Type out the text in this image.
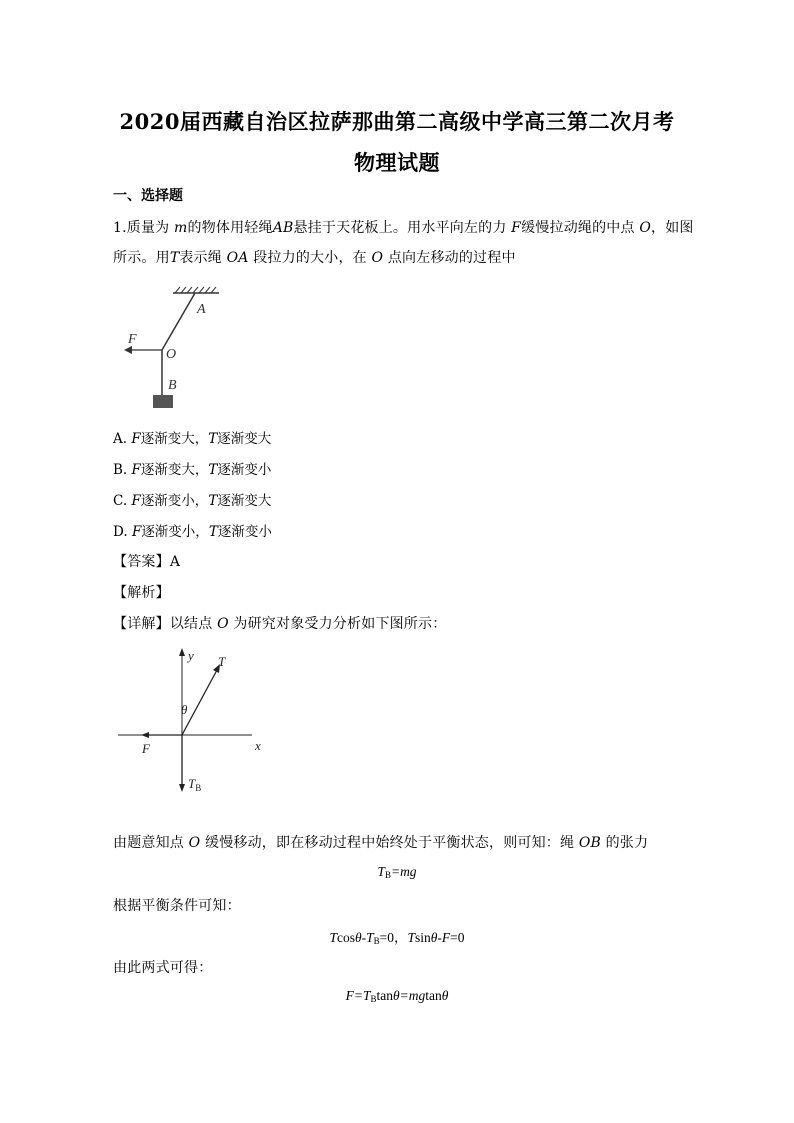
2020届西藏自治区拉萨那曲第二高级中学高三第二次月考
物理试题
一、选择题
1.质量为 m的物体用轻绳AB悬挂于天花板上。用水平向左的力 F缓慢拉动绳的中点 O，如图
所示。用T表示绳 OA 段拉力的大小，在 O 点向左移动的过程中
A
F
O
B
A. F逐渐变大，T逐渐变大
B. F逐渐变大，T逐渐变小
C. F逐渐变小，T逐渐变大
D. F逐渐变小，T逐渐变小
【答案】A
【解析】
【详解】以结点 O 为研究对象受力分析如下图所示：
y T
θ
F	x
$T_B$
由题意知点 O 缓慢移动，即在移动过程中始终处于平衡状态，则可知：绳 OB 的张力
$T_B=mg$
根据平衡条件可知：
Tcosθ-$T_B=0$，Tsinθ-F=0
由此两式可得：
$F=T_B\tan\theta=mgtan\theta$
